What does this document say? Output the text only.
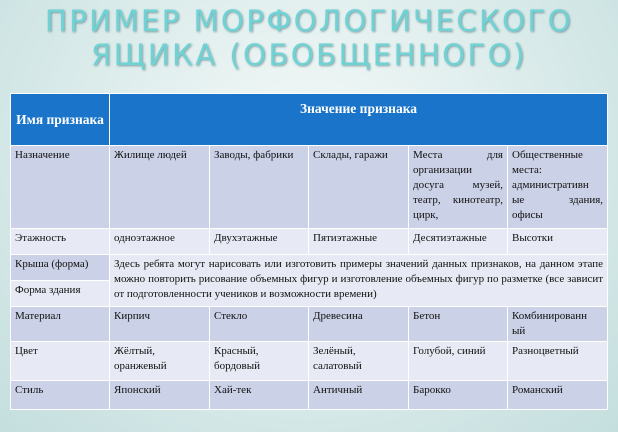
ПРИМЕР МОРФОЛОГИЧЕСКОГО
ЯЩИКА (ОБОБЩЕННОГО)
Имя признака	Значение признака				
Назначение	Жилище людей	Заводы, фабрики	Склады, гаражи	Места для
организации
досуга музей,
театр, кинотеатр,
цирк,	Общественные
места:
административн
ые здания,
офисы

Этажность	одноэтажное	Двухэтажные	Пятиэтажные	Десятиэтажные	Высотки
Крыша (форма)	Здесь ребята могут нарисовать или изготовить примеры значений данных признаков, на данном этапе можно повторить рисование объемных фигур и изготовление объемных фигур по разметке (все зависит от подготовленности учеников и возможности времени)				
Форма здания					
Материал	Кирпич	Стекло	Древесина	Бетон	Комбинированн
ый

Цвет	Жёлтый,
оранжевый	Красный,
бордовый	Зелёный,
салатовый	Голубой, синий	Разноцветный
Стиль	Японский	Хай-тек	Античный	Барокко	Романский
